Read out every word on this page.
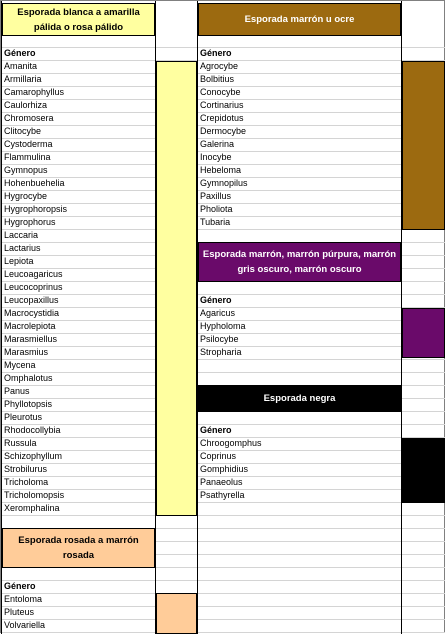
Esporada blanca a amarilla pálida o rosa pálido
Género
Amanita
Armillaria
Camarophyllus
Caulorhiza
Chromosera
Clitocybe
Cystoderma
Flammulina
Gymnopus
Hohenbuehelia
Hygrocybe
Hygrophoropsis
Hygrophorus
Laccaria
Lactarius
Lepiota
Leucoagaricus
Leucocoprinus
Leucopaxillus
Macrocystidia
Macrolepiota
Marasmiellus
Marasmius
Mycena
Omphalotus
Panus
Phyllotopsis
Pleurotus
Rhodocollybia
Russula
Schizophyllum
Strobilurus
Tricholoma
Tricholomopsis
Xeromphalina
Esporada rosada a marrón rosada
Género
Entoloma
Pluteus
Volvariella
Esporada marrón u ocre
Género
Agrocybe
Bolbitius
Conocybe
Cortinarius
Crepidotus
Dermocybe
Galerina
Inocybe
Hebeloma
Gymnopilus
Paxillus
Pholiota
Tubaria
Esporada marrón, marrón púrpura, marrón gris oscuro, marrón oscuro
Género
Agaricus
Hypholoma
Psilocybe
Stropharia
Esporada negra
Género
Chroogomphus
Coprinus
Gomphidius
Panaeolus
Psathyrella
